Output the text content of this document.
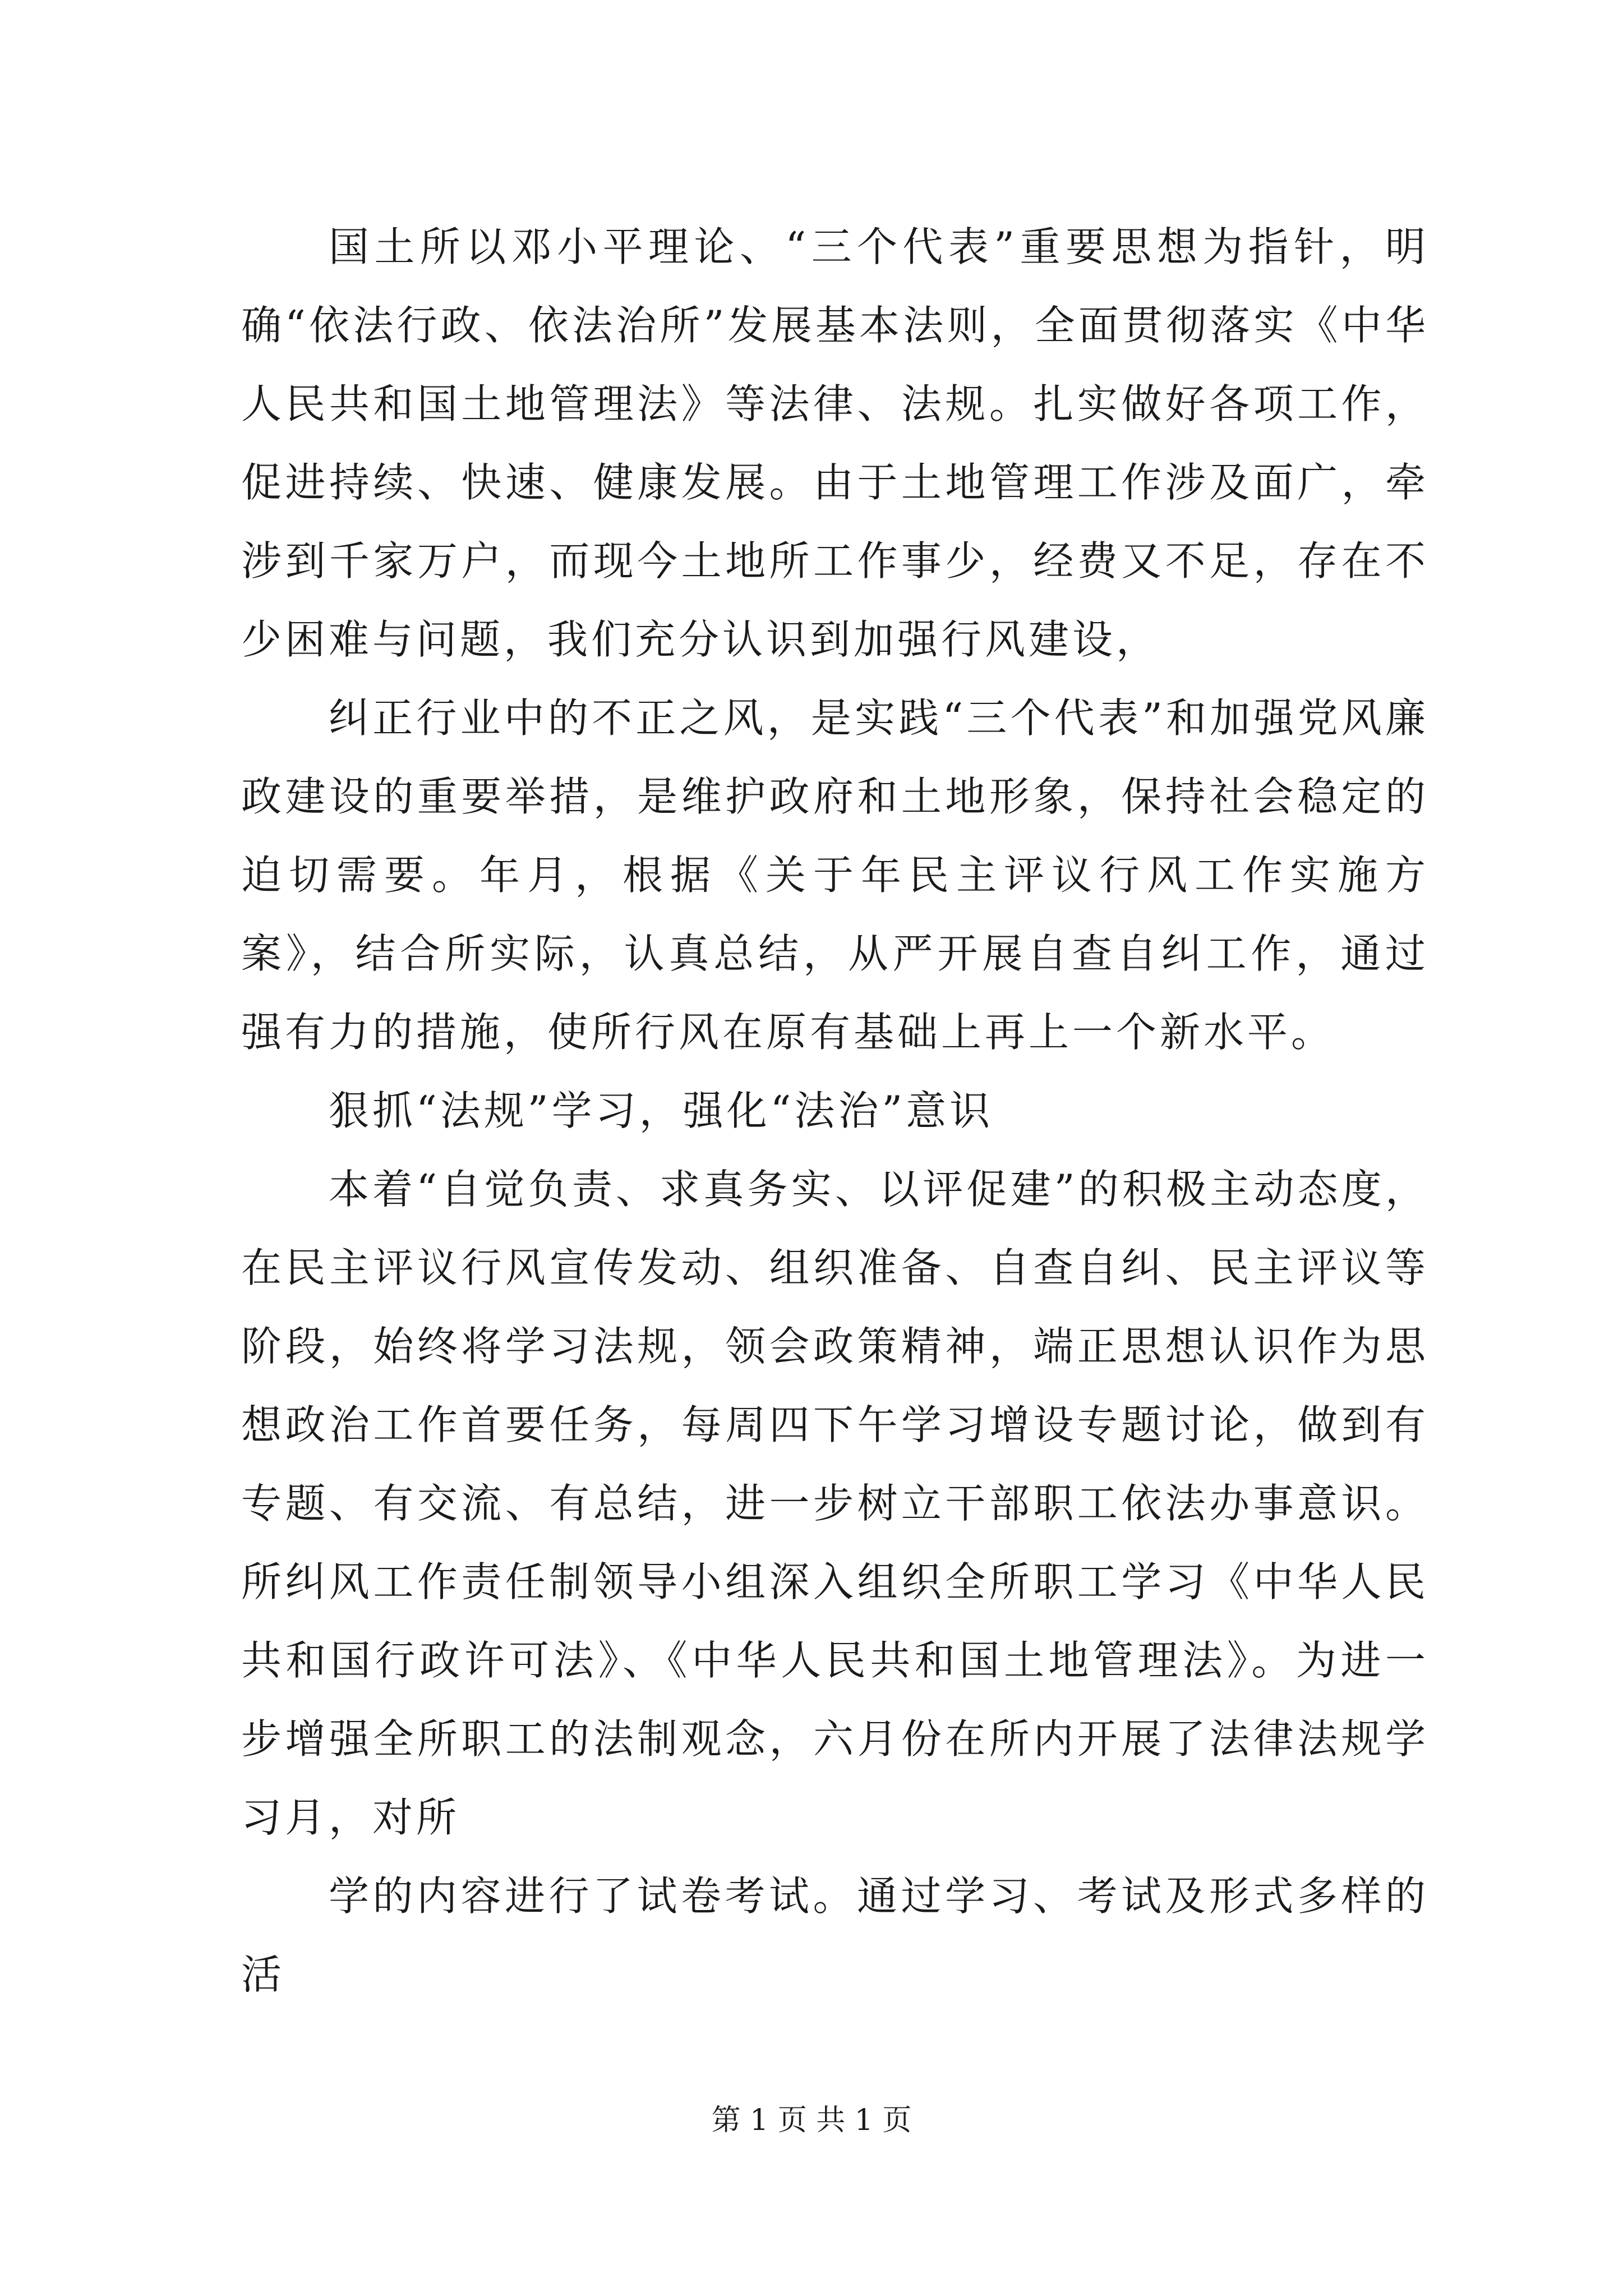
国土所以邓小平理论、“三个代表”重要思想为指针，明确“依法行政、依法治所”发展基本法则，全面贯彻落实《中华人民共和国土地管理法》等法律、法规。扎实做好各项工作，促进持续、快速、健康发展。由于土地管理工作涉及面广，牵涉到千家万户，而现今土地所工作事少，经费又不足，存在不少困难与问题，我们充分认识到加强行风建设，

纠正行业中的不正之风，是实践“三个代表”和加强党风廉政建设的重要举措，是维护政府和土地形象，保持社会稳定的迫切需要。年月，根据《关于年民主评议行风工作实施方案》，结合所实际，认真总结，从严开展自查自纠工作，通过强有力的措施，使所行风在原有基础上再上一个新水平。

狠抓“法规”学习，强化“法治”意识

本着“自觉负责、求真务实、以评促建”的积极主动态度，在民主评议行风宣传发动、组织准备、自查自纠、民主评议等阶段，始终将学习法规，领会政策精神，端正思想认识作为思想政治工作首要任务，每周四下午学习增设专题讨论，做到有专题、有交流、有总结，进一步树立干部职工依法办事意识。所纠风工作责任制领导小组深入组织全所职工学习《中华人民共和国行政许可法》、《中华人民共和国土地管理法》。为进一步增强全所职工的法制观念，六月份在所内开展了法律法规学习月，对所

学的内容进行了试卷考试。通过学习、考试及形式多样的活

第 1 页 共 1 页
